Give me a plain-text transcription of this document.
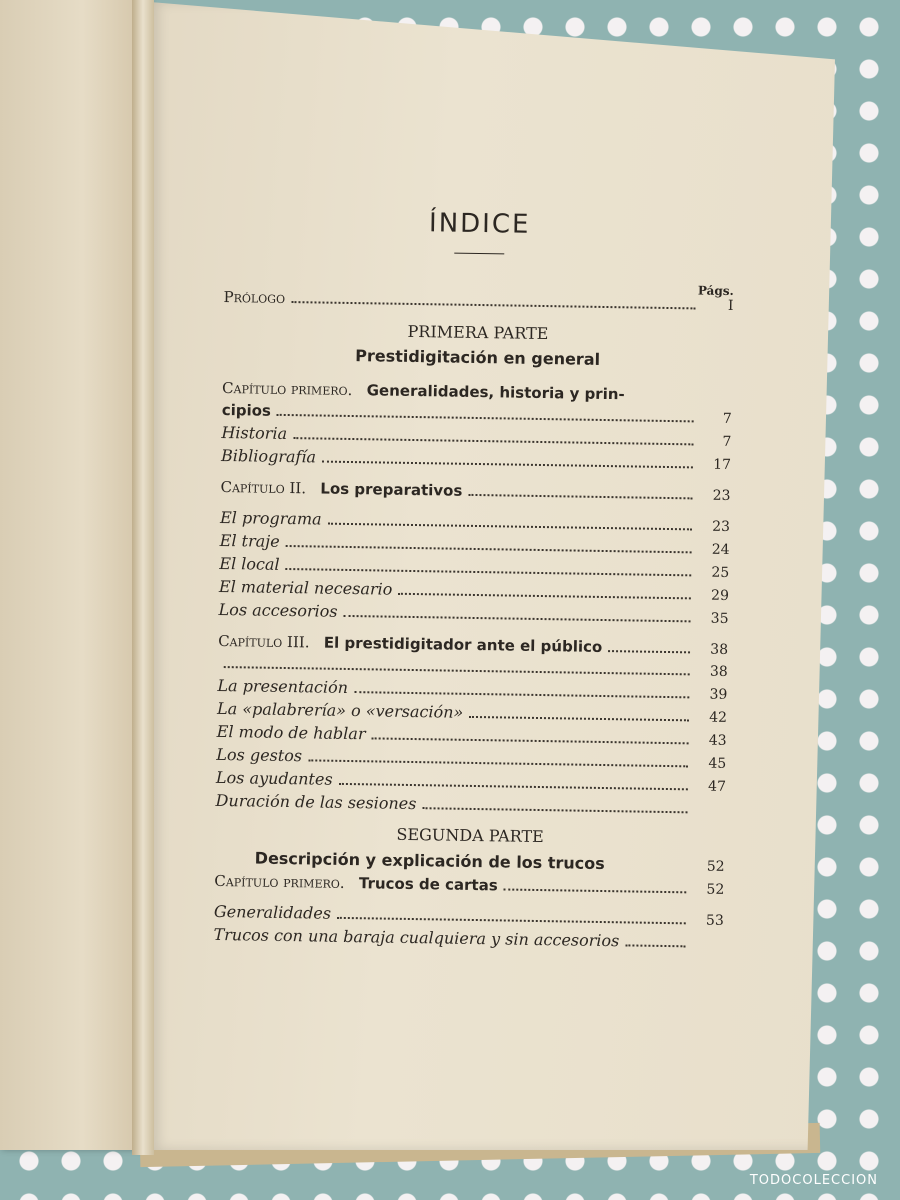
ÍNDICE
Págs.
Prólogo	I
PRIMERA PARTE
Prestidigitación en general
Capítulo primero. Generalidades, historia y prin-
cipios	7
Historia	7
Bibliografía	17
Capítulo II. Los preparativos	23
El programa	23
El traje	24
El local	25
El material necesario	29
Los accesorios	35
Capítulo III. El prestidigitador ante el público	38
38
La presentación	39
La «palabrería» o «versación»	42
El modo de hablar	43
Los gestos	45
Los ayudantes	47
Duración de las sesiones
SEGUNDA PARTE
Descripción y explicación de los trucos	52
Capítulo primero. Trucos de cartas	52
Generalidades	53
Trucos con una baraja cualquiera y sin accesorios
TODOCOLECCION
